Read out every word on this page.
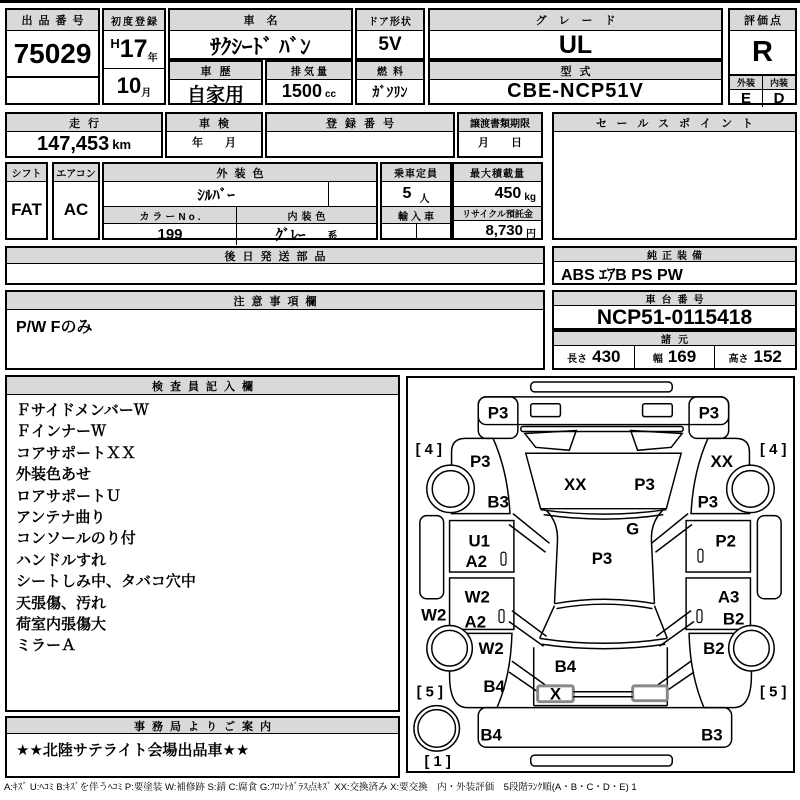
出品番号
75029
初度登録
H 17 年
10 月
車名
ｻｸｼｰﾄﾞ ﾊﾞﾝ
ドア形状
5V
グレード
UL
評価点
R
外装
E
内装
D
車歴
自家用
排気量
1500 cc
燃料
ｶﾞｿﾘﾝ
型式
CBE-NCP51V
走行
147,453 km
車検
年　　月
登録番号	譲渡書類期限
月　　日
セールスポイント
シフト
FAT
エアコン
AC
外装色
ｼﾙﾊﾞｰ
カラーNo.
199
内装色
ｸﾞﾚｰ 系
乗車定員
5 人
輸入車
最大積載量
450 kg
リサイクル預託金
8,730 円
後日発送部品	純正装備
ABS ｴｱB PS PW
注意事項欄
P/W Fのみ
車台番号
NCP51-0115418
諸元
長さ 430	幅 169	高さ 152
検査員記入欄
ＦサイドメンバーＷ
ＦインナーＷ
コアサポートＸＸ
外装色あせ
ロアサポートＵ
アンテナ曲り
コンソールのり付
ハンドルすれ
シートしみ中、タバコ穴中
天張傷、汚れ
荷室内張傷大
ミラーＡ
事務局よりご案内
★★北陸サテライト会場出品車★★
P3	P3
[ 4 ]	[ 4 ]
P3	XX
XX	P3
B3	P3
G
P3
U1
A2
P2
W2
A2
A3
B2
W2
W2
B4
B2
[ 5 ]	[ 5 ]
B4
X
B4	B3
[ 1 ]
A:ｷｽﾞ U:ﾍｺﾐ B:ｷｽﾞを伴うﾍｺﾐ P:要塗装 W:補修跡 S:錆 C:腐食 G:ﾌﾛﾝﾄｶﾞﾗｽ点ｷｽﾞ XX:交換済み X:要交換　内・外装評価　5段階ﾗﾝｸ順(A・B・C・D・E) 1
